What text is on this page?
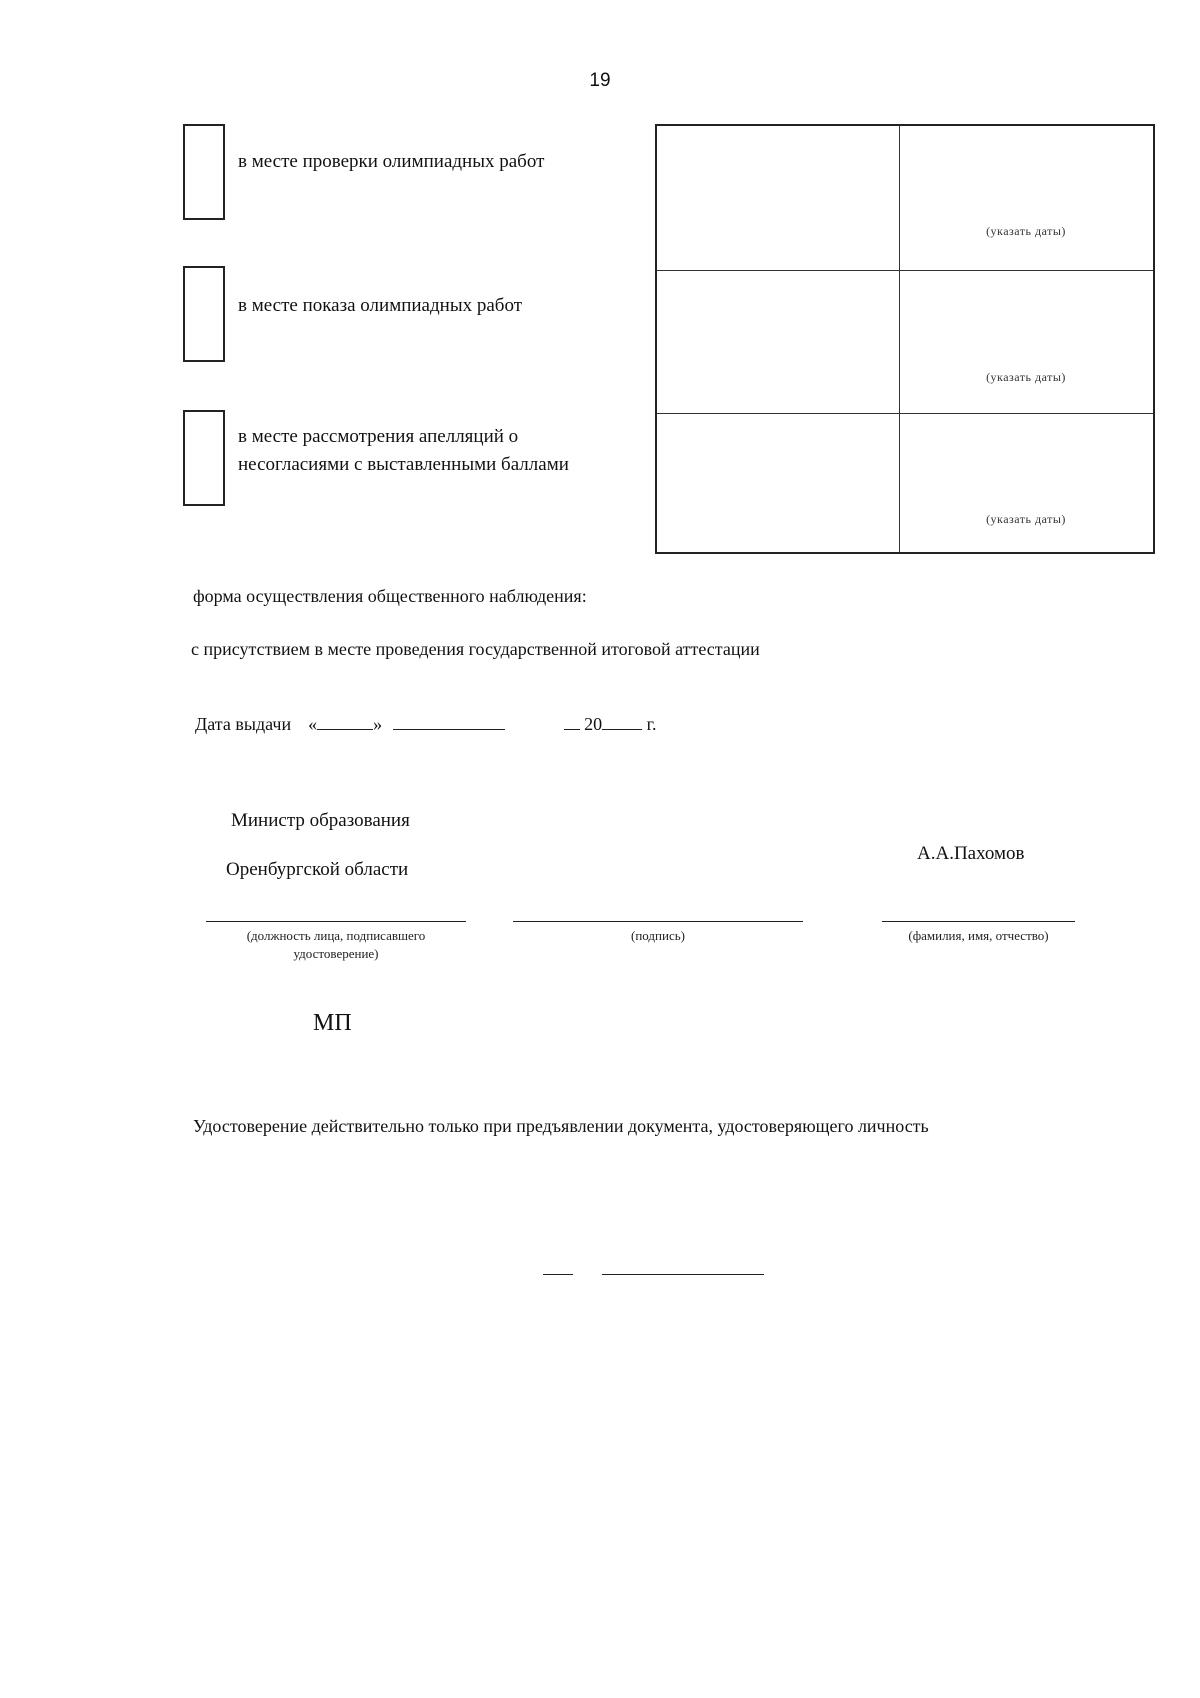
19
в месте проверки олимпиадных работ
в месте показа олимпиадных работ
в месте рассмотрения апелляций о
несогласиями с выставленными баллами
(указать даты)
(указать даты)
(указать даты)
форма осуществления общественного наблюдения:
с присутствием в месте проведения государственной итоговой аттестации
Дата выдачи «	»	20 г.
Министр образования
Оренбургской области
А.А.Пахомов
(должность лица, подписавшего
удостоверение)
(подпись)	(фамилия, имя, отчество)
МП
Удостоверение действительно только при предъявлении документа, удостоверяющего личность
